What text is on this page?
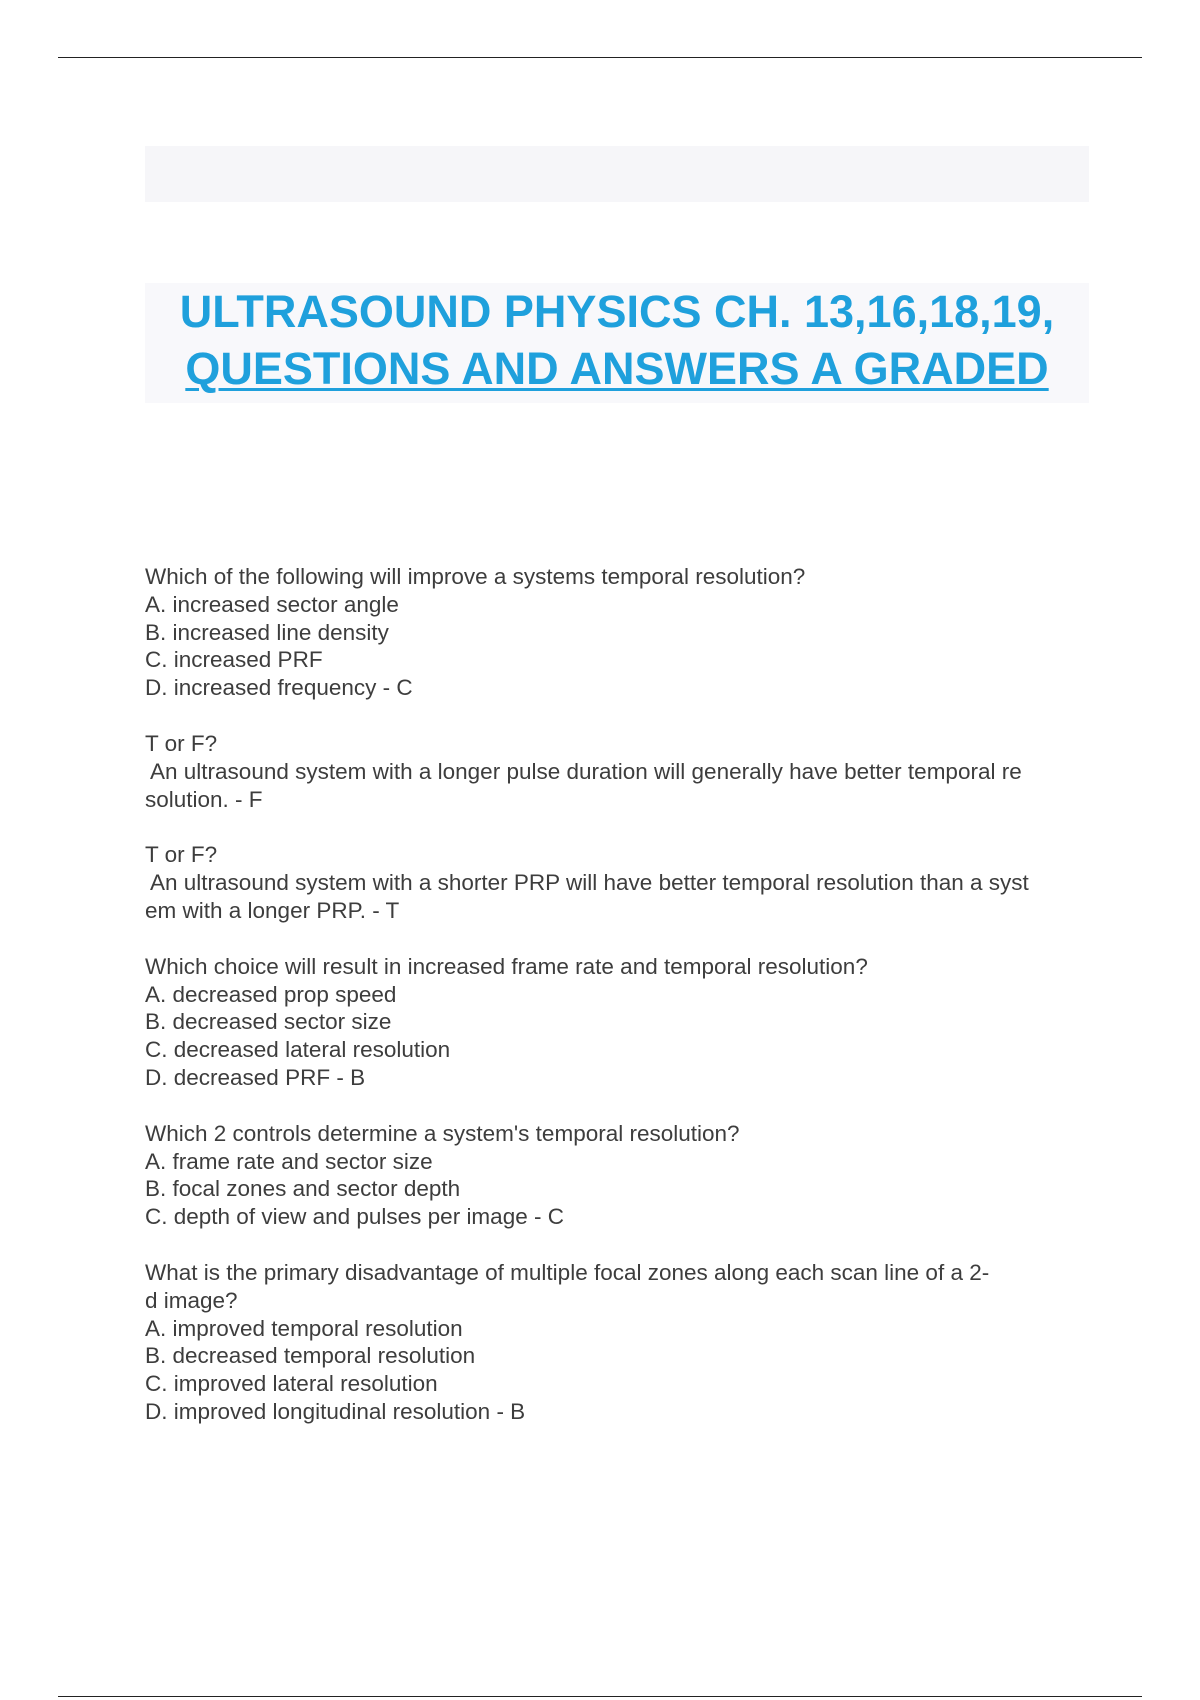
ULTRASOUND PHYSICS CH. 13,16,18,19,
QUESTIONS AND ANSWERS A GRADED
Which of the following will improve a systems temporal resolution?
A. increased sector angle
B. increased line density
C. increased PRF
D. increased frequency - C
T or F?
An ultrasound system with a longer pulse duration will generally have better temporal re
solution. - F
T or F?
An ultrasound system with a shorter PRP will have better temporal resolution than a syst
em with a longer PRP. - T
Which choice will result in increased frame rate and temporal resolution?
A. decreased prop speed
B. decreased sector size
C. decreased lateral resolution
D. decreased PRF - B
Which 2 controls determine a system's temporal resolution?
A. frame rate and sector size
B. focal zones and sector depth
C. depth of view and pulses per image - C
What is the primary disadvantage of multiple focal zones along each scan line of a 2-
d image?
A. improved temporal resolution
B. decreased temporal resolution
C. improved lateral resolution
D. improved longitudinal resolution - B
